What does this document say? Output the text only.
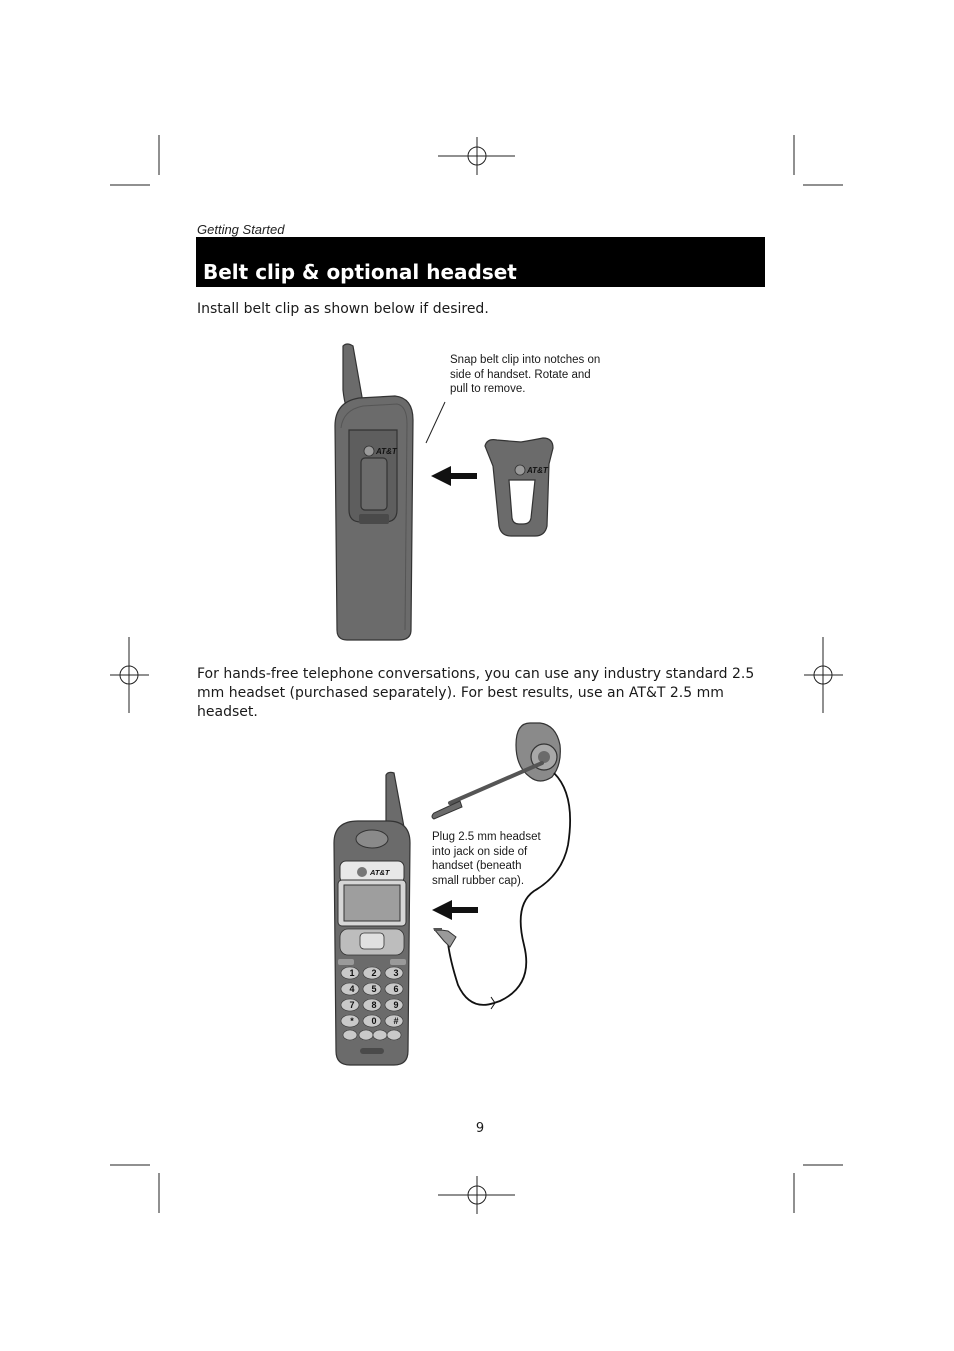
Getting Started
Belt clip & optional headset
Install belt clip as shown below if desired.
AT&T
AT&T
Snap belt clip into notches on side of handset. Rotate and pull to remove.
For hands-free telephone conversations, you can use any industry standard 2.5 mm headset (purchased separately). For best results, use an AT&T 2.5 mm headset.
AT&T
1 2 3
4 5 6
7 8 9
* 0 #
Plug 2.5 mm headset into jack on side of handset (beneath small rubber cap).
9
